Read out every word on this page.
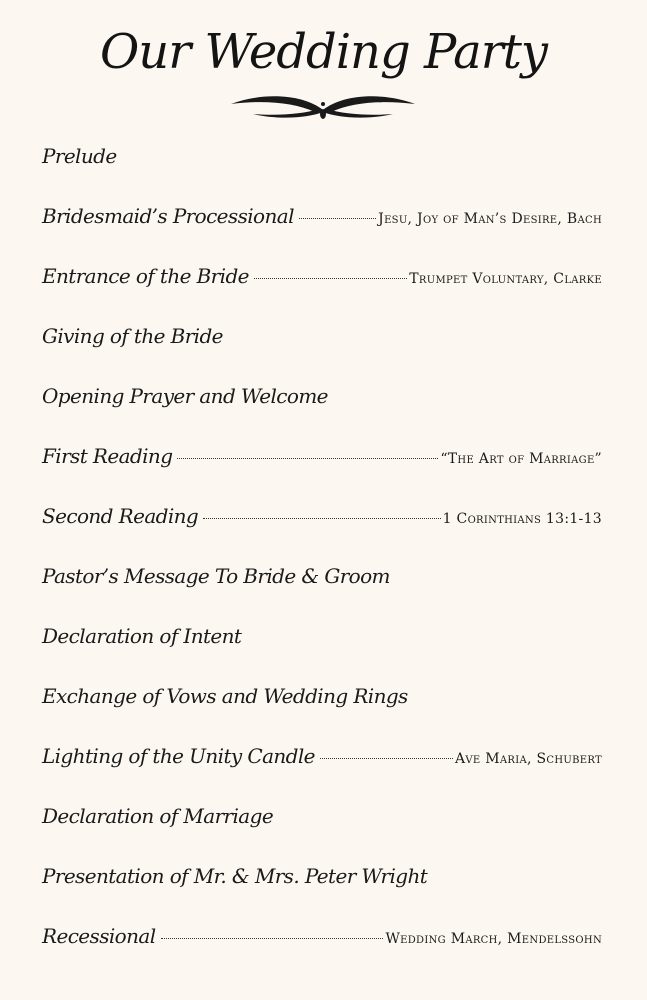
Our Wedding Party
Prelude
Bridesmaid’s Processional	Jesu, Joy of Man’s Desire, Bach
Entrance of the Bride	Trumpet Voluntary, Clarke
Giving of the Bride
Opening Prayer and Welcome
First Reading	“The Art of Marriage”
Second Reading	1 Corinthians 13:1-13
Pastor’s Message To Bride & Groom
Declaration of Intent
Exchange of Vows and Wedding Rings
Lighting of the Unity Candle	Ave Maria, Schubert
Declaration of Marriage
Presentation of Mr. & Mrs. Peter Wright
Recessional	Wedding March, Mendelssohn
